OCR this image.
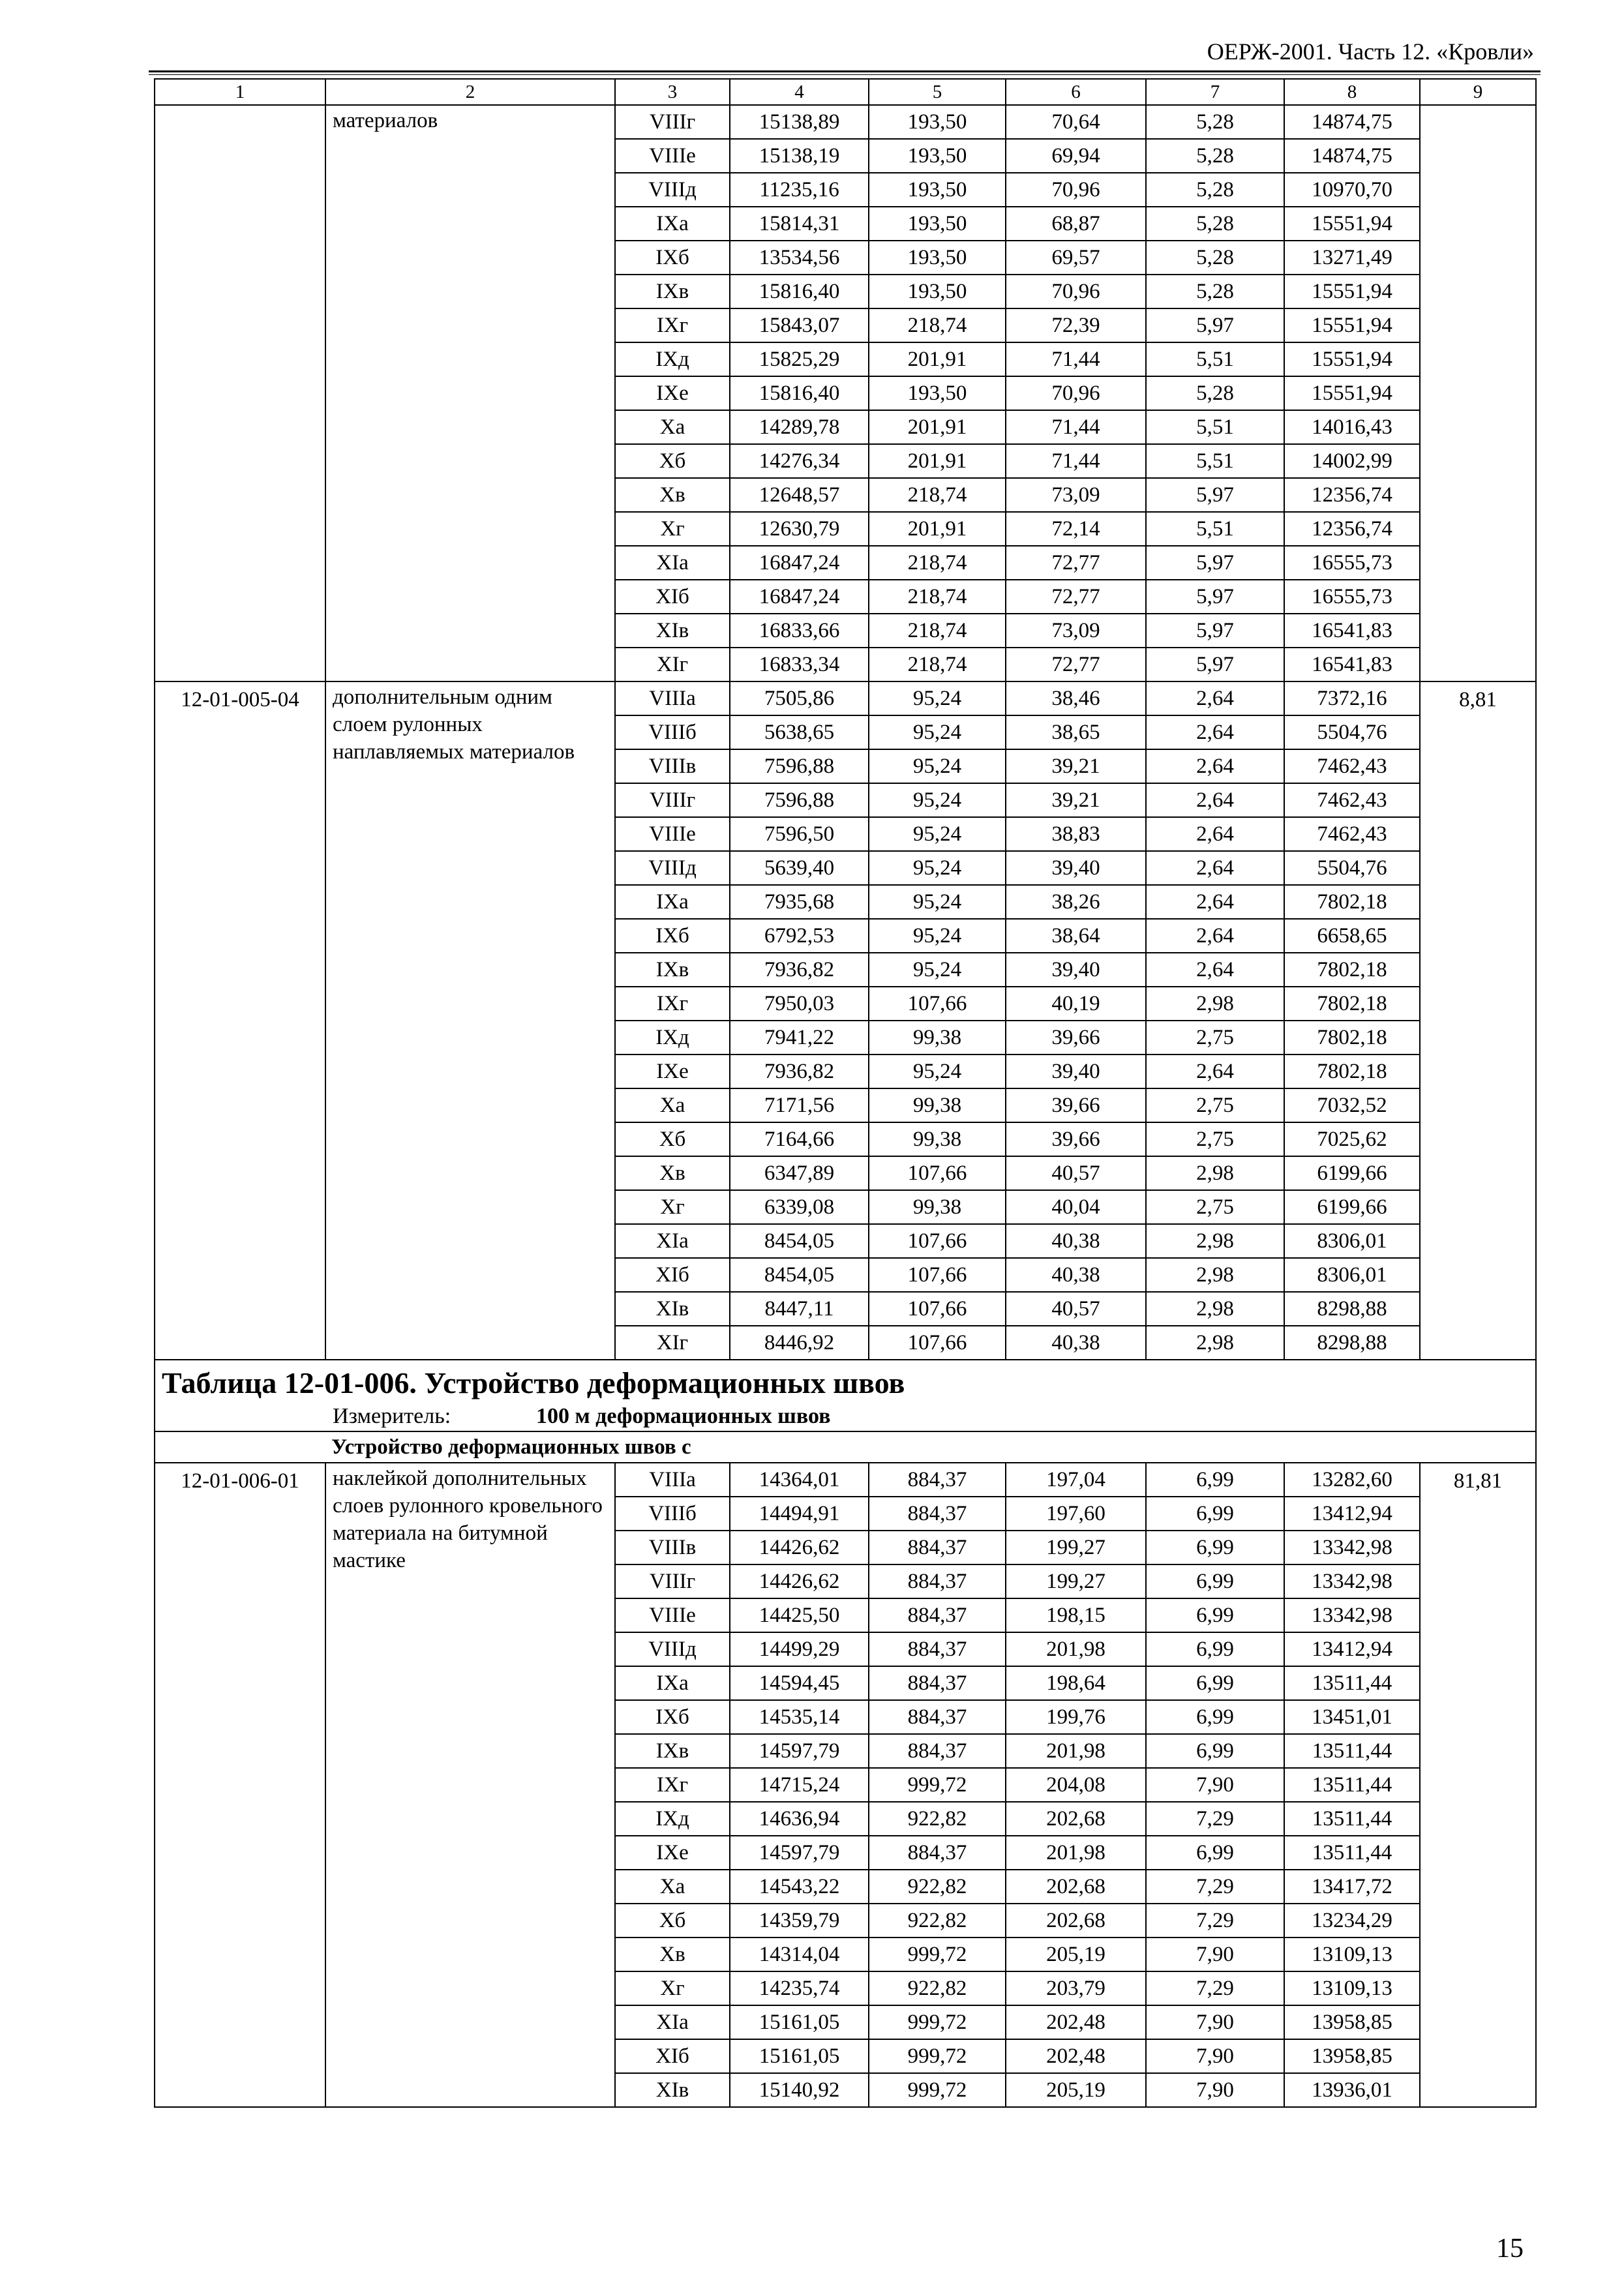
ОЕРЖ-2001. Часть 12. «Кровли»
1	2	3	4	5	6	7	8	9
	материалов	VIIIг	15138,89	193,50	70,64	5,28	14874,75	
		VIIIе	15138,19	193,50	69,94	5,28	14874,75	
		VIIIд	11235,16	193,50	70,96	5,28	10970,70	
		IXа	15814,31	193,50	68,87	5,28	15551,94	
		IXб	13534,56	193,50	69,57	5,28	13271,49	
		IXв	15816,40	193,50	70,96	5,28	15551,94	
		IXг	15843,07	218,74	72,39	5,97	15551,94	
		IXд	15825,29	201,91	71,44	5,51	15551,94	
		IXе	15816,40	193,50	70,96	5,28	15551,94	
		Xа	14289,78	201,91	71,44	5,51	14016,43	
		Xб	14276,34	201,91	71,44	5,51	14002,99	
		Xв	12648,57	218,74	73,09	5,97	12356,74	
		Xг	12630,79	201,91	72,14	5,51	12356,74	
		XIа	16847,24	218,74	72,77	5,97	16555,73	
		XIб	16847,24	218,74	72,77	5,97	16555,73	
		XIв	16833,66	218,74	73,09	5,97	16541,83	
		XIг	16833,34	218,74	72,77	5,97	16541,83	
12-01-005-04	дополнительным одним слоем рулонных наплавляемых материалов	VIIIа	7505,86	95,24	38,46	2,64	7372,16	8,81
		VIIIб	5638,65	95,24	38,65	2,64	5504,76	
		VIIIв	7596,88	95,24	39,21	2,64	7462,43	
		VIIIг	7596,88	95,24	39,21	2,64	7462,43	
		VIIIе	7596,50	95,24	38,83	2,64	7462,43	
		VIIIд	5639,40	95,24	39,40	2,64	5504,76	
		IXа	7935,68	95,24	38,26	2,64	7802,18	
		IXб	6792,53	95,24	38,64	2,64	6658,65	
		IXв	7936,82	95,24	39,40	2,64	7802,18	
		IXг	7950,03	107,66	40,19	2,98	7802,18	
		IXд	7941,22	99,38	39,66	2,75	7802,18	
		IXе	7936,82	95,24	39,40	2,64	7802,18	
		Xа	7171,56	99,38	39,66	2,75	7032,52	
		Xб	7164,66	99,38	39,66	2,75	7025,62	
		Xв	6347,89	107,66	40,57	2,98	6199,66	
		Xг	6339,08	99,38	40,04	2,75	6199,66	
		XIа	8454,05	107,66	40,38	2,98	8306,01	
		XIб	8454,05	107,66	40,38	2,98	8306,01	
		XIв	8447,11	107,66	40,57	2,98	8298,88	
		XIг	8446,92	107,66	40,38	2,98	8298,88	

Таблица 12-01-006. Устройство деформационных швов
Измеритель: 100 м деформационных швов								

Устройство деформационных швов с								
12-01-006-01	наклейкой дополнительных слоев рулонного кровельного материала на битумной мастике	VIIIа	14364,01	884,37	197,04	6,99	13282,60	81,81
		VIIIб	14494,91	884,37	197,60	6,99	13412,94	
		VIIIв	14426,62	884,37	199,27	6,99	13342,98	
		VIIIг	14426,62	884,37	199,27	6,99	13342,98	
		VIIIе	14425,50	884,37	198,15	6,99	13342,98	
		VIIIд	14499,29	884,37	201,98	6,99	13412,94	
		IXа	14594,45	884,37	198,64	6,99	13511,44	
		IXб	14535,14	884,37	199,76	6,99	13451,01	
		IXв	14597,79	884,37	201,98	6,99	13511,44	
		IXг	14715,24	999,72	204,08	7,90	13511,44	
		IXд	14636,94	922,82	202,68	7,29	13511,44	
		IXе	14597,79	884,37	201,98	6,99	13511,44	
		Xа	14543,22	922,82	202,68	7,29	13417,72	
		Xб	14359,79	922,82	202,68	7,29	13234,29	
		Xв	14314,04	999,72	205,19	7,90	13109,13	
		Xг	14235,74	922,82	203,79	7,29	13109,13	
		XIа	15161,05	999,72	202,48	7,90	13958,85	
		XIб	15161,05	999,72	202,48	7,90	13958,85	
		XIв	15140,92	999,72	205,19	7,90	13936,01	
15
